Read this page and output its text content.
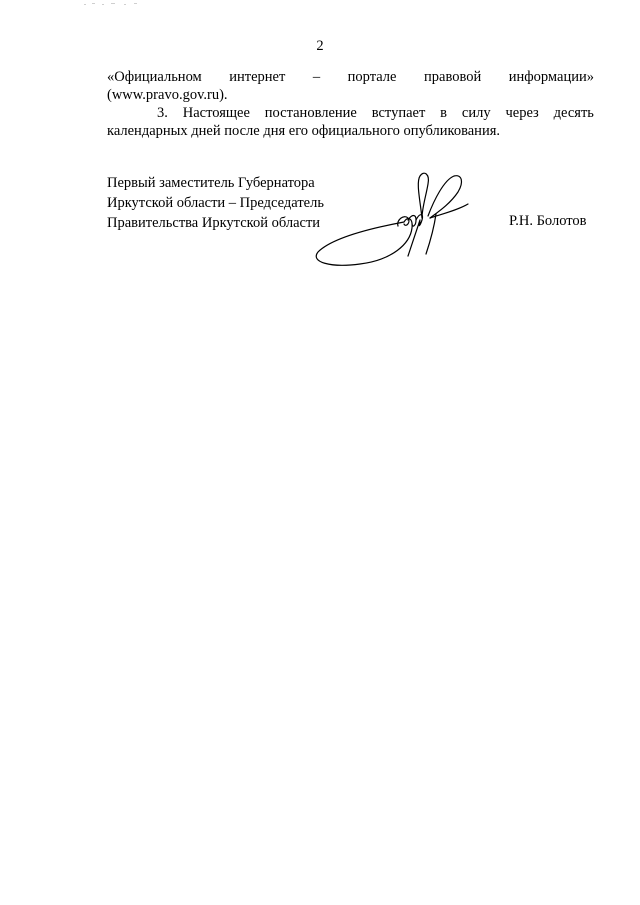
2
«Официальном интернет – портале правовой информации»
(www.pravo.gov.ru).
3. Настоящее постановление вступает в силу через десять
календарных дней после дня его официального опубликования.
Первый заместитель Губернатора
Иркутской области – Председатель
Правительства Иркутской области	Р.Н. Болотов
